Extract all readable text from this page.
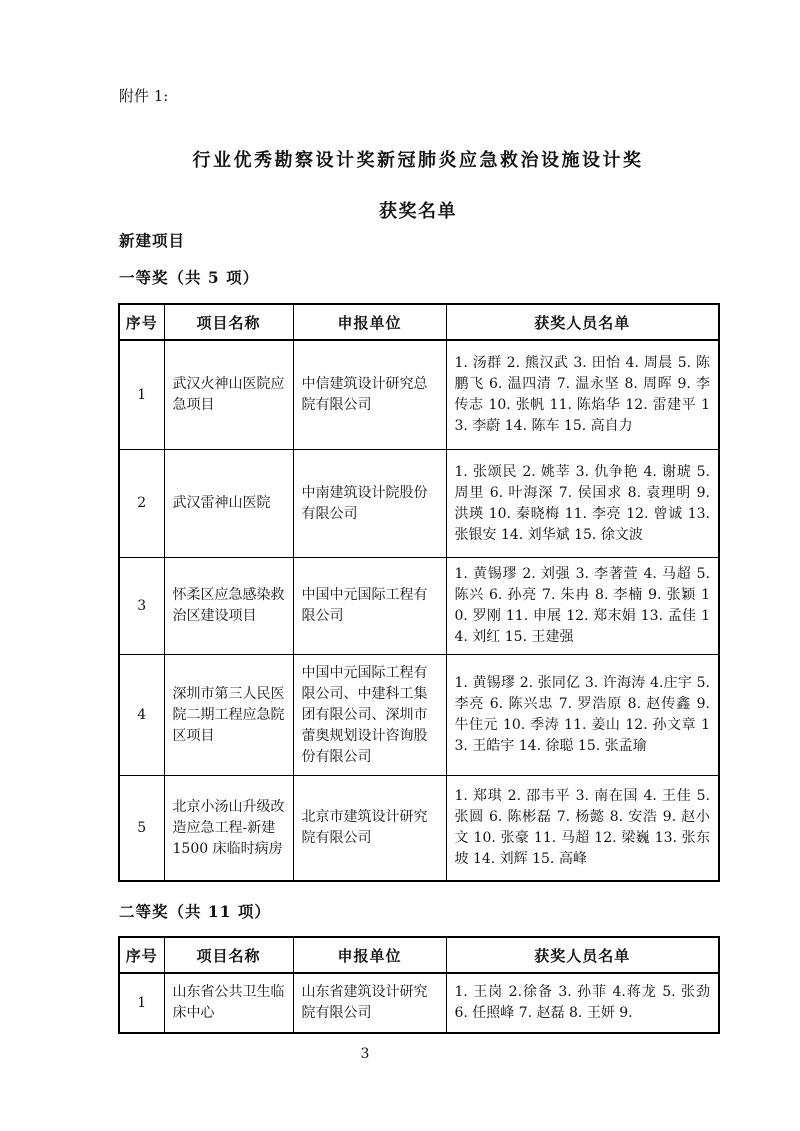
附件 1:
行业优秀勘察设计奖新冠肺炎应急救治设施设计奖
获奖名单
新建项目
一等奖（共 5 项）
序号	项目名称	申报单位	获奖人员名单
1	武汉火神山医院应急项目	中信建筑设计研究总院有限公司	1. 汤群 2. 熊汉武 3. 田怡 4. 周晨 5. 陈鹏飞 6. 温四清 7. 温永坚 8. 周晖 9. 李传志 10. 张帆 11. 陈焰华 12. 雷建平 13. 李蔚 14. 陈车 15. 高自力
2	武汉雷神山医院	中南建筑设计院股份有限公司	1. 张颂民 2. 姚莘 3. 仇争艳 4. 谢琥 5. 周里 6. 叶海深 7. 侯国求 8. 袁理明 9. 洪瑛 10. 秦晓梅 11. 李亮 12. 曾诚 13. 张银安 14. 刘华斌 15. 徐文波
3	怀柔区应急感染救治区建设项目	中国中元国际工程有限公司	1. 黄锡璆 2. 刘强 3. 李著萱 4. 马超 5. 陈兴 6. 孙亮 7. 朱冉 8. 李楠 9. 张颖 10. 罗刚 11. 申展 12. 郑末娟 13. 孟佳 14. 刘红 15. 王建强
4	深圳市第三人民医院二期工程应急院区项目	中国中元国际工程有限公司、中建科工集团有限公司、深圳市蕾奥规划设计咨询股份有限公司	1. 黄锡璆 2. 张同亿 3. 许海涛 4.庄宇 5. 李亮 6. 陈兴忠 7. 罗浩原 8. 赵传鑫 9. 牛住元 10. 季涛 11. 姜山 12. 孙文章 13. 王皓宇 14. 徐聪 15. 张孟瑜
5	北京小汤山升级改造应急工程-新建 1500 床临时病房	北京市建筑设计研究院有限公司	1. 郑琪 2. 邵韦平 3. 南在国 4. 王佳 5. 张圆 6. 陈彬磊 7. 杨懿 8. 安浩 9. 赵小文 10. 张豪 11. 马超 12. 梁巍 13. 张东坡 14. 刘辉 15. 高峰
二等奖（共 11 项）
序号	项目名称	申报单位	获奖人员名单
1	山东省公共卫生临床中心	山东省建筑设计研究院有限公司	1. 王岗 2.徐备 3. 孙菲 4.蒋龙 5. 张劲 6. 任照峰 7. 赵磊 8. 王妍 9.
3
